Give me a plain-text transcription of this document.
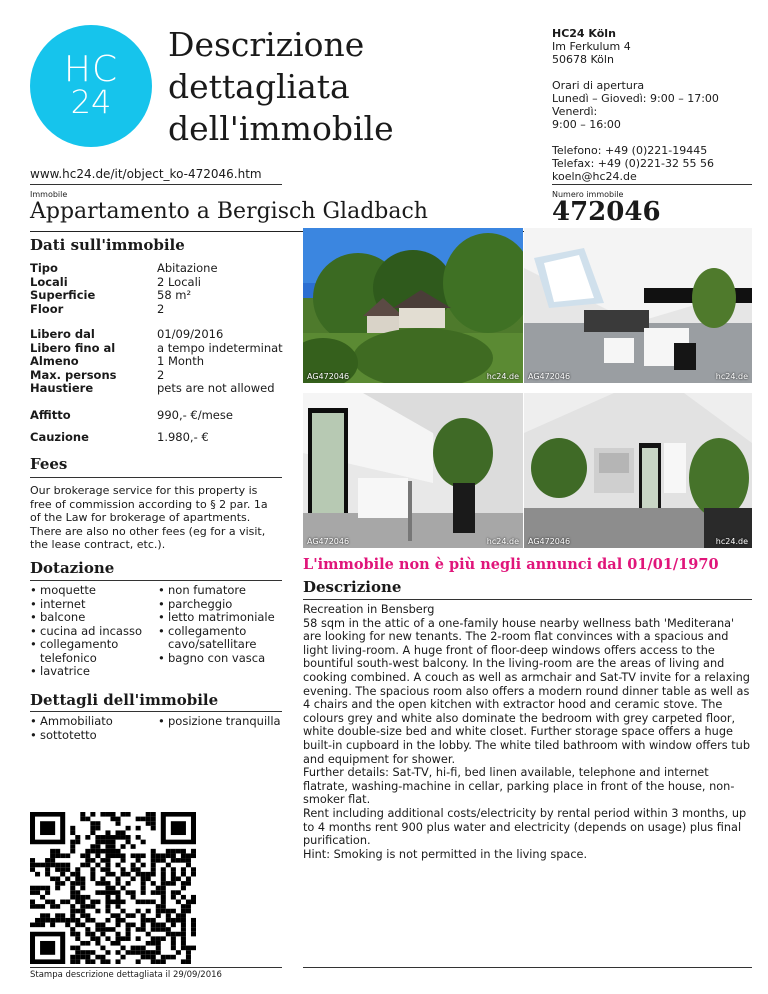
HC
24
Descrizione
dettagliata
dell'immobile
www.hc24.de/it/object_ko-472046.htm
HC24 Köln
Im Ferkulum 4
50678 Köln
Orari di apertura
Lunedì – Giovedì: 9:00 – 17:00
Venerdì:
9:00 – 16:00
Telefono: +49 (0)221-19445
Telefax: +49 (0)221-32 55 56
koeln@hc24.de
Immobile
Appartamento a Bergisch Gladbach
Numero immobile
472046
Dati sull'immobile
Tipo	Abitazione
Locali	2 Locali
Superficie	58 m²
Floor	2
Libero dal	01/09/2016
Libero fino al	a tempo indeterminat
Almeno	1 Month
Max. persons	2
Haustiere	pets are not allowed
Affitto	990,- €/mese
Cauzione	1.980,- €
Fees
Our brokerage service for this property is free of commission according to § 2 par. 1a of the Law for brokerage of apartments. There are also no other fees (eg for a visit, the lease contract, etc.).
Dotazione
• moquette
• internet
• balcone
• cucina ad incasso
• collegamento telefonico
• lavatrice
• non fumatore
• parcheggio
• letto matrimoniale
• collegamento cavo/satellitare
• bagno con vasca
Dettagli dell'immobile
• Ammobiliato
• sottotetto
• posizione tranquilla
Stampa descrizione dettagliata il 29/09/2016
AG472046	hc24.de AG472046	hc24.de
AG472046	hc24.de AG472046	hc24.de
L'immobile non è più negli annunci dal 01/01/1970
Descrizione
Recreation in Bensberg
58 sqm in the attic of a one-family house nearby wellness bath 'Mediterana' are looking for new tenants. The 2-room flat convinces with a spacious and light living-room. A huge front of floor-deep windows offers access to the bountiful south-west balcony. In the living-room are the areas of living and cooking combined. A couch as well as armchair and Sat-TV invite for a relaxing evening. The spacious room also offers a modern round dinner table as well as 4 chairs and the open kitchen with extractor hood and ceramic stove. The colours grey and white also dominate the bedroom with grey carpeted floor, white double-size bed and white closet. Further storage space offers a huge built-in cupboard in the lobby. The white tiled bathroom with window offers tub and equipment for shower.
Further details: Sat-TV, hi-fi, bed linen available, telephone and internet flatrate, washing-machine in cellar, parking place in front of the house, non-smoker flat.
Rent including additional costs/electricity by rental period within 3 months, up to 4 months rent 900 plus water and electricity (depends on usage) plus final purification.
Hint: Smoking is not permitted in the living space.
